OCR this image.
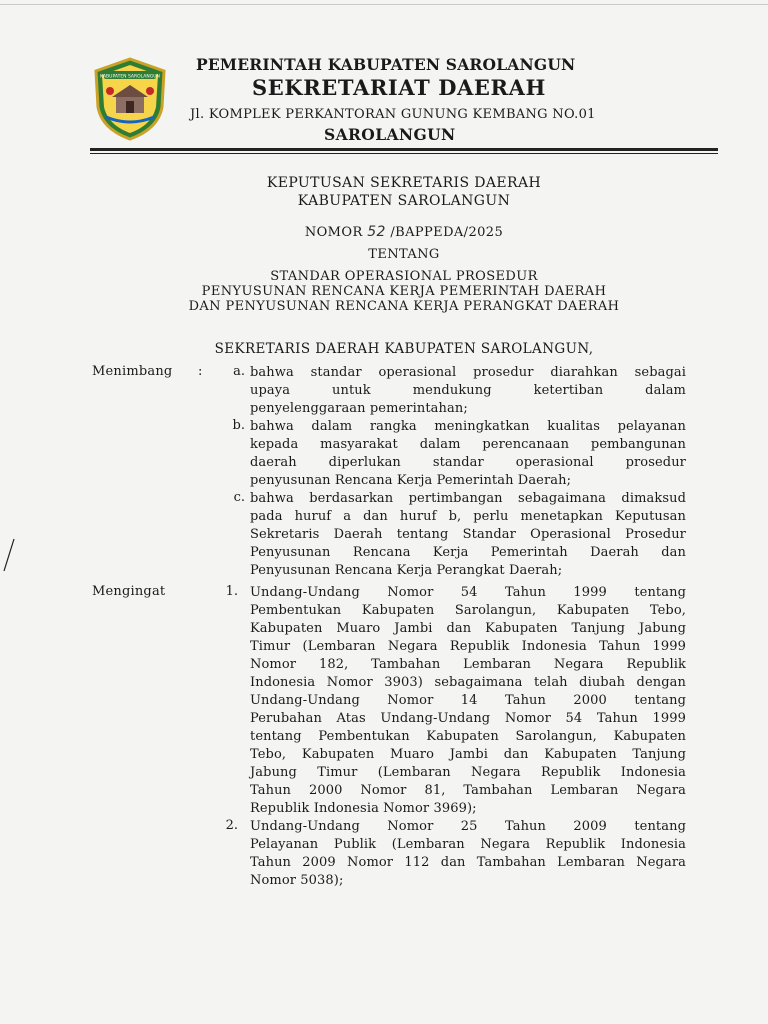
KABUPATEN SAROLANGUN
PEMERINTAH KABUPATEN SAROLANGUN
SEKRETARIAT DAERAH
Jl. KOMPLEK PERKANTORAN GUNUNG KEMBANG NO.01
SAROLANGUN
KEPUTUSAN SEKRETARIS DAERAH
KABUPATEN SAROLANGUN
NOMOR 52 /BAPPEDA/2025
TENTANG
STANDAR OPERASIONAL PROSEDUR
PENYUSUNAN RENCANA KERJA PEMERINTAH DAERAH
DAN PENYUSUNAN RENCANA KERJA PERANGKAT DAERAH
SEKRETARIS DAERAH KABUPATEN SAROLANGUN,
Menimbang :	a. bahwa standar operasional prosedur diarahkan sebagai
upaya untuk mendukung ketertiban dalam
penyelenggaraan pemerintahan;
b. bahwa dalam rangka meningkatkan kualitas pelayanan
kepada masyarakat dalam perencanaan pembangunan
daerah diperlukan standar operasional prosedur
penyusunan Rencana Kerja Pemerintah Daerah;
c. bahwa berdasarkan pertimbangan sebagaimana dimaksud
pada huruf a dan huruf b, perlu menetapkan Keputusan
Sekretaris Daerah tentang Standar Operasional Prosedur
Penyusunan Rencana Kerja Pemerintah Daerah dan
Penyusunan Rencana Kerja Perangkat Daerah;
Mengingat	1. Undang-Undang Nomor 54 Tahun 1999 tentang
Pembentukan Kabupaten Sarolangun, Kabupaten Tebo,
Kabupaten Muaro Jambi dan Kabupaten Tanjung Jabung
Timur (Lembaran Negara Republik Indonesia Tahun 1999
Nomor 182, Tambahan Lembaran Negara Republik
Indonesia Nomor 3903) sebagaimana telah diubah dengan
Undang-Undang Nomor 14 Tahun 2000 tentang
Perubahan Atas Undang-Undang Nomor 54 Tahun 1999
tentang Pembentukan Kabupaten Sarolangun, Kabupaten
Tebo, Kabupaten Muaro Jambi dan Kabupaten Tanjung
Jabung Timur (Lembaran Negara Republik Indonesia
Tahun 2000 Nomor 81, Tambahan Lembaran Negara
Republik Indonesia Nomor 3969);
2. Undang-Undang Nomor 25 Tahun 2009 tentang
Pelayanan Publik (Lembaran Negara Republik Indonesia
Tahun 2009 Nomor 112 dan Tambahan Lembaran Negara
Nomor 5038);
